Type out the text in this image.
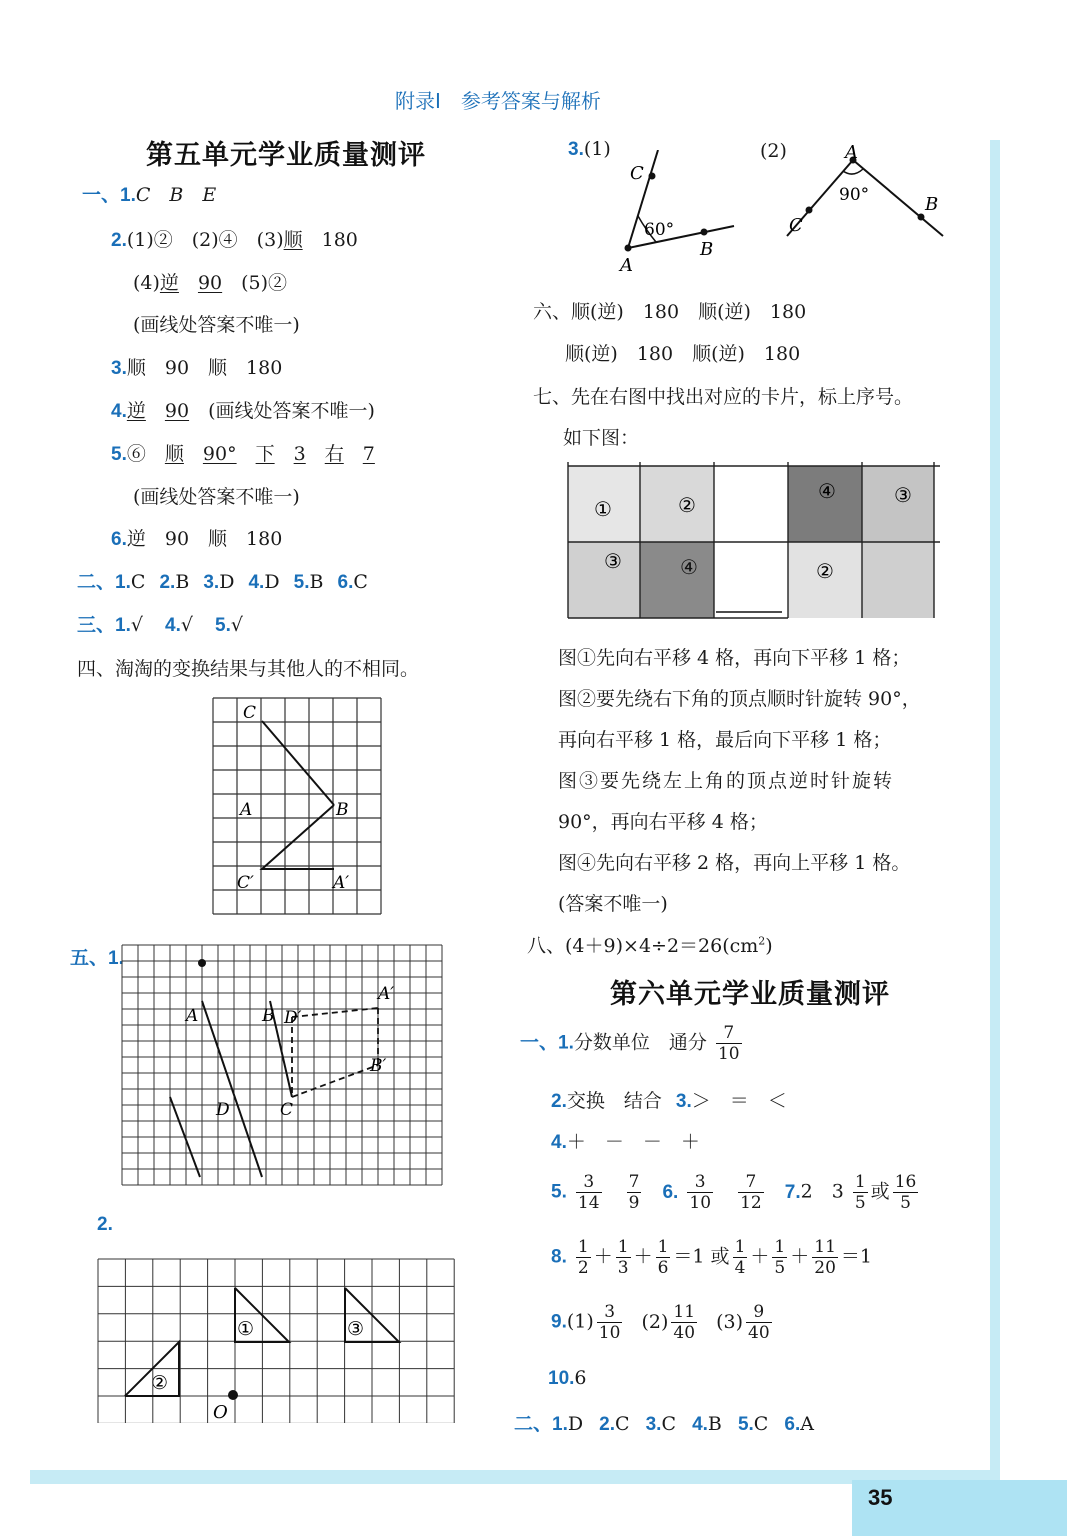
35
附录Ⅰ　参考答案与解析
第五单元学业质量测评
一、1.C　B　E
2.(1)②　(2)④　(3)顺　180
(4)逆　 90　(5)②
(画线处答案不唯一)
3.顺　90　顺　180
4.逆　 90　(画线处答案不唯一)
5.⑥　顺　 90°　 下　 3　 右　 7
(画线处答案不唯一)
6.逆　90　顺　180
二、1.C 2.B 3.D 4.D 5.B 6.C
三、1.√ 4.√ 5.√
四、淘淘的变换结果与其他人的不相同。
C
A	B
C′	A′
五、1.
A	B D′
A′
B′
D	C
2.
①	③
②
O
3.(1)	(2)
C
60°
A
B
A
90°
C
B
六、顺(逆)　180　顺(逆)　180
顺(逆)　180　顺(逆)　180
七、先在右图中找出对应的卡片，标上序号。
如下图：
①	②
③	④
④	③
②
图①先向右平移 4 格，再向下平移 1 格；
图②要先绕右下角的顶点顺时针旋转 90°，
再向右平移 1 格，最后向下平移 1 格；
图③要先绕左上角的顶点逆时针旋转
90°，再向右平移 4 格；
图④先向右平移 2 格，再向上平移 1 格。
(答案不唯一)
八、$(4+9)\times 4\div 2=26(cm^2)$
第六单元学业质量测评
一、1.分数单位　通分 $\frac{7}{10}$
2.交换　结合 3.＞　＝　＜
4.＋　－　－　＋
5. $\frac{3}{14}$
$\frac{7}{9} 6$. $\frac{3}{10}$
$\frac{7}{12} 7.2$　$3 \frac{1}{5}$ 或 $\frac{16}{5}$
8. $\frac{1}{2} + \frac{1}{3} + \frac{1}{6} =1$ 或 $\frac{1}{4} + \frac{1}{5} + \frac{11}{20} =1$
$9.(1) \frac{3}{10} (2) \frac{11}{40} (3) \frac{9}{40}$
10.6
二、1.D 2.C 3.C 4.B 5.C 6.A
